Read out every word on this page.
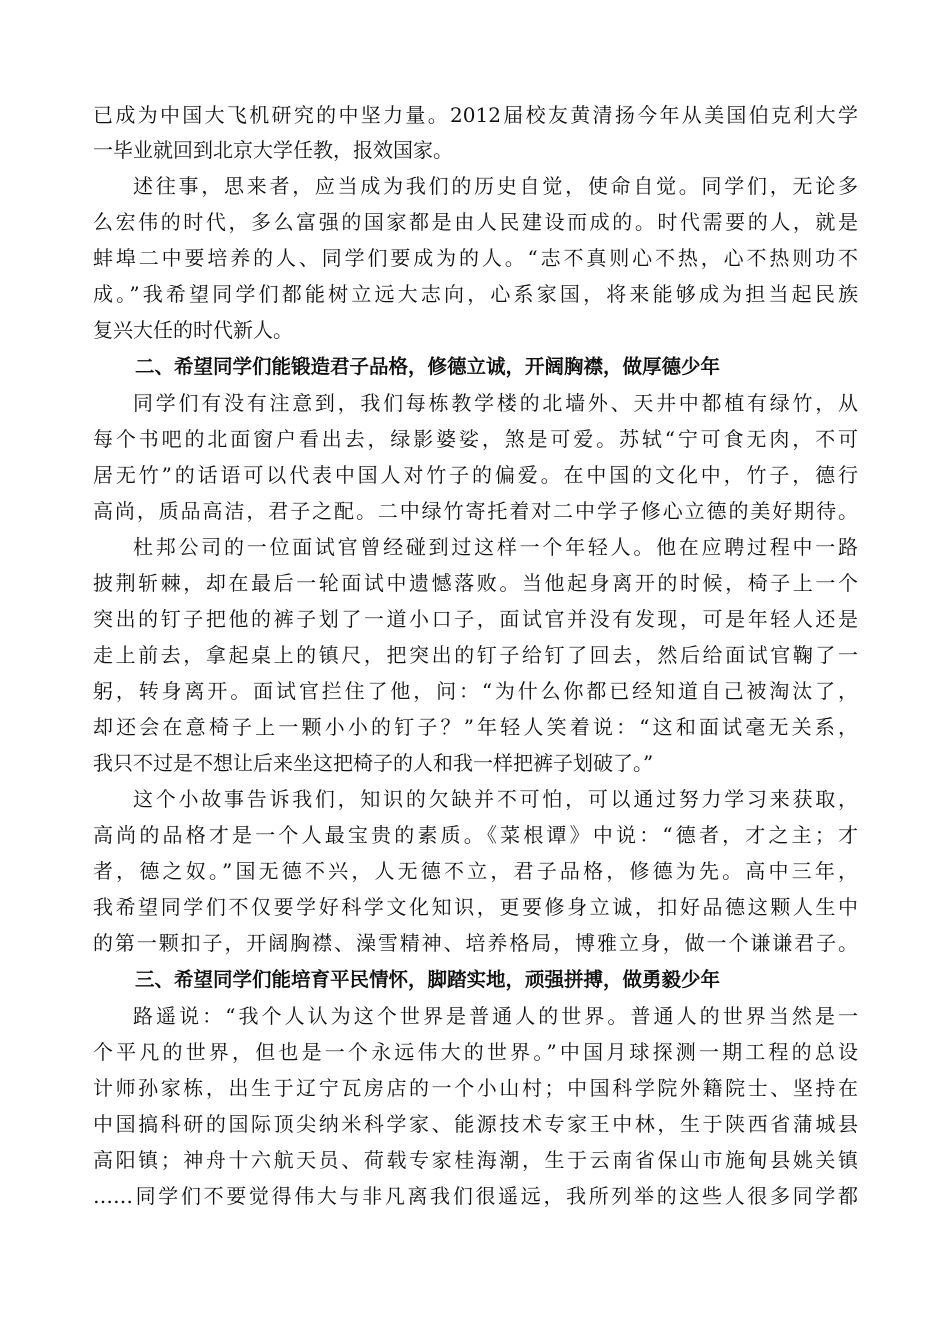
已成为中国大飞机研究的中坚力量。2012届校友黄清扬今年从美国伯克利大学
一毕业就回到北京大学任教，报效国家。
述往事，思来者，应当成为我们的历史自觉，使命自觉。同学们，无论多
么宏伟的时代，多么富强的国家都是由人民建设而成的。时代需要的人，就是
蚌埠二中要培养的人、同学们要成为的人。“志不真则心不热，心不热则功不
成。”我希望同学们都能树立远大志向，心系家国，将来能够成为担当起民族
复兴大任的时代新人。
二、希望同学们能锻造君子品格，修德立诚，开阔胸襟，做厚德少年
同学们有没有注意到，我们每栋教学楼的北墙外、天井中都植有绿竹，从
每个书吧的北面窗户看出去，绿影婆娑，煞是可爱。苏轼“宁可食无肉，不可
居无竹”的话语可以代表中国人对竹子的偏爱。在中国的文化中，竹子，德行
高尚，质品高洁，君子之配。二中绿竹寄托着对二中学子修心立德的美好期待。
杜邦公司的一位面试官曾经碰到过这样一个年轻人。他在应聘过程中一路
披荆斩棘，却在最后一轮面试中遗憾落败。当他起身离开的时候，椅子上一个
突出的钉子把他的裤子划了一道小口子，面试官并没有发现，可是年轻人还是
走上前去，拿起桌上的镇尺，把突出的钉子给钉了回去，然后给面试官鞠了一
躬，转身离开。面试官拦住了他，问：“为什么你都已经知道自己被淘汰了，
却还会在意椅子上一颗小小的钉子？”年轻人笑着说：“这和面试毫无关系，
我只不过是不想让后来坐这把椅子的人和我一样把裤子划破了。”
这个小故事告诉我们，知识的欠缺并不可怕，可以通过努力学习来获取，
高尚的品格才是一个人最宝贵的素质。《菜根谭》中说：“德者，才之主；才
者，德之奴。”国无德不兴，人无德不立，君子品格，修德为先。高中三年，
我希望同学们不仅要学好科学文化知识，更要修身立诚，扣好品德这颗人生中
的第一颗扣子，开阔胸襟、澡雪精神、培养格局，博雅立身，做一个谦谦君子。
三、希望同学们能培育平民情怀，脚踏实地，顽强拼搏，做勇毅少年
路遥说：“我个人认为这个世界是普通人的世界。普通人的世界当然是一
个平凡的世界，但也是一个永远伟大的世界。”中国月球探测一期工程的总设
计师孙家栋，出生于辽宁瓦房店的一个小山村；中国科学院外籍院士、坚持在
中国搞科研的国际顶尖纳米科学家、能源技术专家王中林，生于陕西省蒲城县
高阳镇；神舟十六航天员、荷载专家桂海潮，生于云南省保山市施甸县姚关镇
……同学们不要觉得伟大与非凡离我们很遥远，我所列举的这些人很多同学都
